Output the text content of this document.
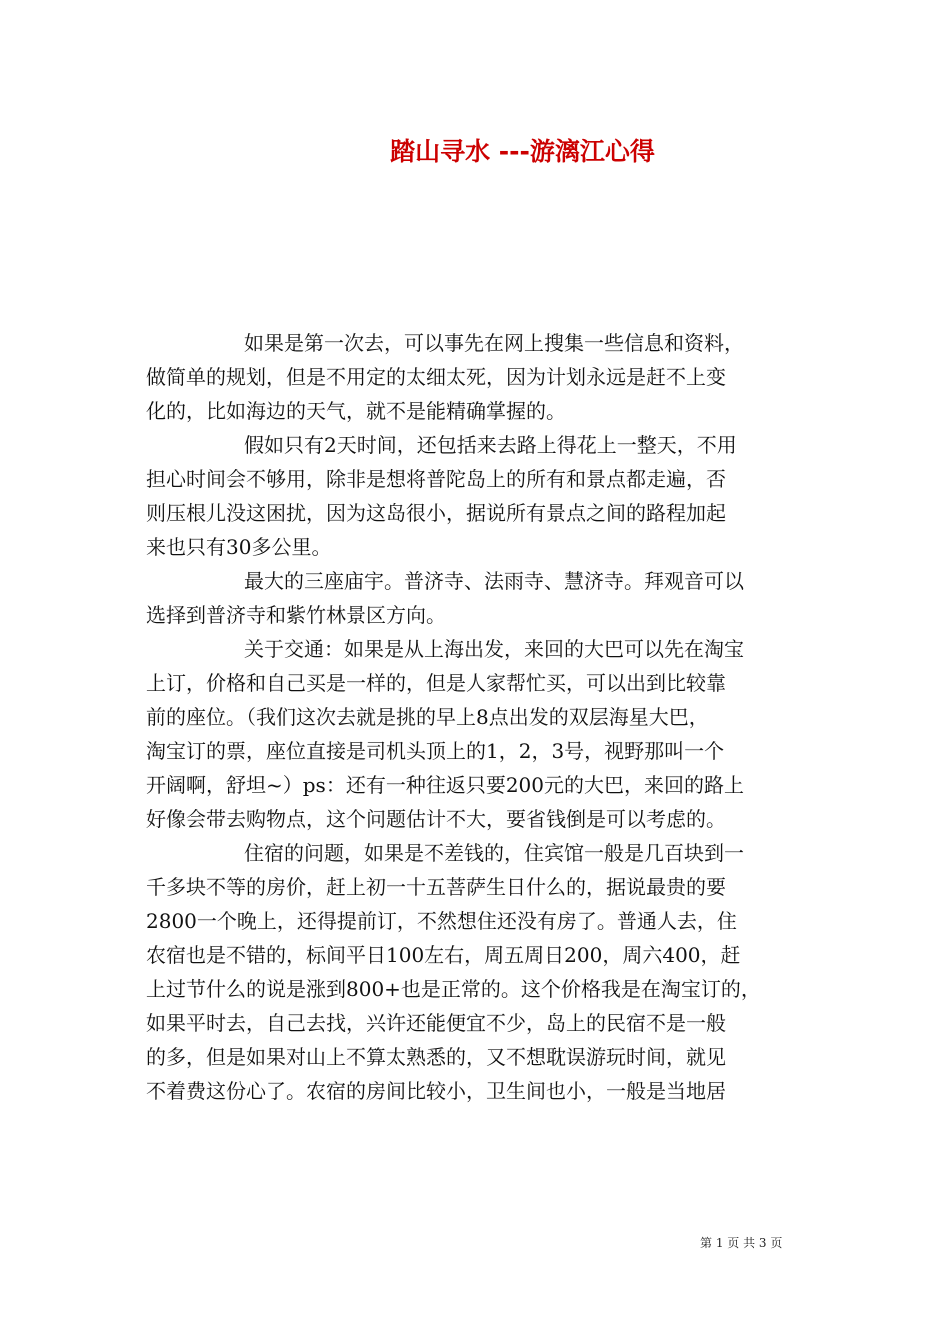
踏山寻水 ---游漓江心得
如果是第一次去，可以事先在网上搜集一些信息和资料，
做简单的规划，但是不用定的太细太死，因为计划永远是赶不上变
化的，比如海边的天气，就不是能精确掌握的。
假如只有2天时间，还包括来去路上得花上一整天，不用
担心时间会不够用，除非是想将普陀岛上的所有和景点都走遍，否
则压根儿没这困扰，因为这岛很小，据说所有景点之间的路程加起
来也只有30多公里。
最大的三座庙宇。普济寺、法雨寺、慧济寺。拜观音可以
选择到普济寺和紫竹林景区方向。
关于交通：如果是从上海出发，来回的大巴可以先在淘宝
上订，价格和自己买是一样的，但是人家帮忙买，可以出到比较靠
前的座位。（我们这次去就是挑的早上8点出发的双层海星大巴，
淘宝订的票，座位直接是司机头顶上的1，2，3号，视野那叫一个
开阔啊，舒坦~）ps：还有一种往返只要200元的大巴，来回的路上
好像会带去购物点，这个问题估计不大，要省钱倒是可以考虑的。
住宿的问题，如果是不差钱的，住宾馆一般是几百块到一
千多块不等的房价，赶上初一十五菩萨生日什么的，据说最贵的要
2800一个晚上，还得提前订，不然想住还没有房了。普通人去，住
农宿也是不错的，标间平日100左右，周五周日200，周六400，赶
上过节什么的说是涨到800+也是正常的。这个价格我是在淘宝订的，
如果平时去，自己去找，兴许还能便宜不少，岛上的民宿不是一般
的多，但是如果对山上不算太熟悉的，又不想耽误游玩时间，就见
不着费这份心了。农宿的房间比较小，卫生间也小，一般是当地居
第 1 页 共 3 页
